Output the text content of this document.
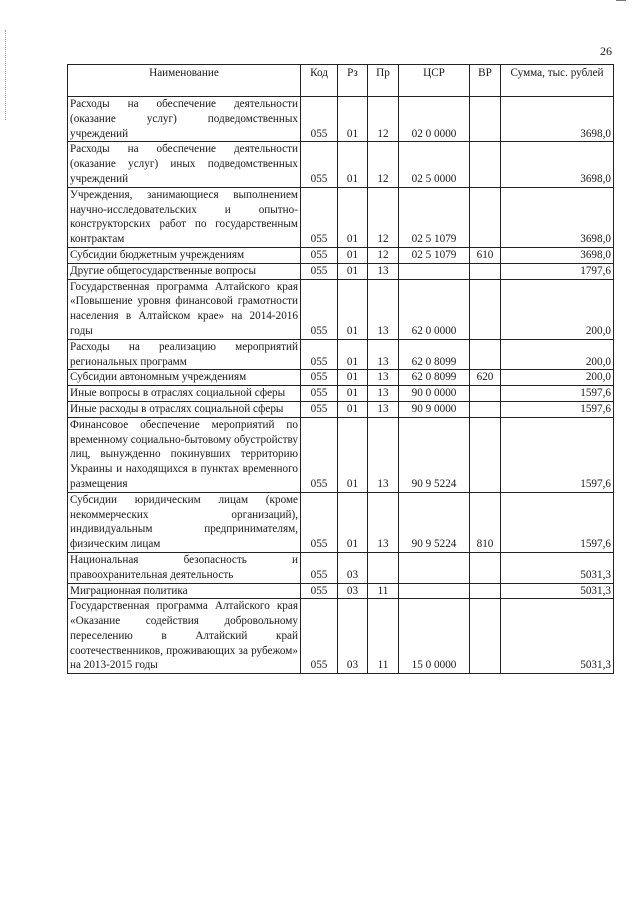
26
Наименование	Код	Рз	Пр	ЦСР	ВР	Сумма, тыс. рублей
Расходы на обеспечение деятельности (оказание услуг) подведомственных учреждений	055	01	12	02 0 0000		3698,0
Расходы на обеспечение деятельности (оказание услуг) иных подведомственных учреждений	055	01	12	02 5 0000		3698,0
Учреждения, занимающиеся выполнением научно-исследовательских и опытно-конструкторских работ по государственным контрактам	055	01	12	02 5 1079		3698,0
Субсидии бюджетным учреждениям	055	01	12	02 5 1079	610	3698,0
Другие общегосударственные вопросы	055	01	13			1797,6
Государственная программа Алтайского края «Повышение уровня финансовой грамотности населения в Алтайском крае» на 2014-2016 годы	055	01	13	62 0 0000		200,0
Расходы на реализацию мероприятий региональных программ	055	01	13	62 0 8099		200,0
Субсидии автономным учреждениям	055	01	13	62 0 8099	620	200,0
Иные вопросы в отраслях социальной сферы	055	01	13	90 0 0000		1597,6
Иные расходы в отраслях социальной сферы	055	01	13	90 9 0000		1597,6
Финансовое обеспечение мероприятий по временному социально-бытовому обустройству лиц, вынужденно покинувших территорию Украины и находящихся в пунктах временного размещения	055	01	13	90 9 5224		1597,6
Субсидии юридическим лицам (кроме некоммерческих организаций), индивидуальным предпринимателям, физическим лицам	055	01	13	90 9 5224	810	1597,6
Национальная безопасность и правоохранительная деятельность	055	03				5031,3
Миграционная политика	055	03	11			5031,3
Государственная программа Алтайского края «Оказание содействия добровольному переселению в Алтайский край соотечественников, проживающих за рубежом» на 2013-2015 годы	055	03	11	15 0 0000		5031,3
